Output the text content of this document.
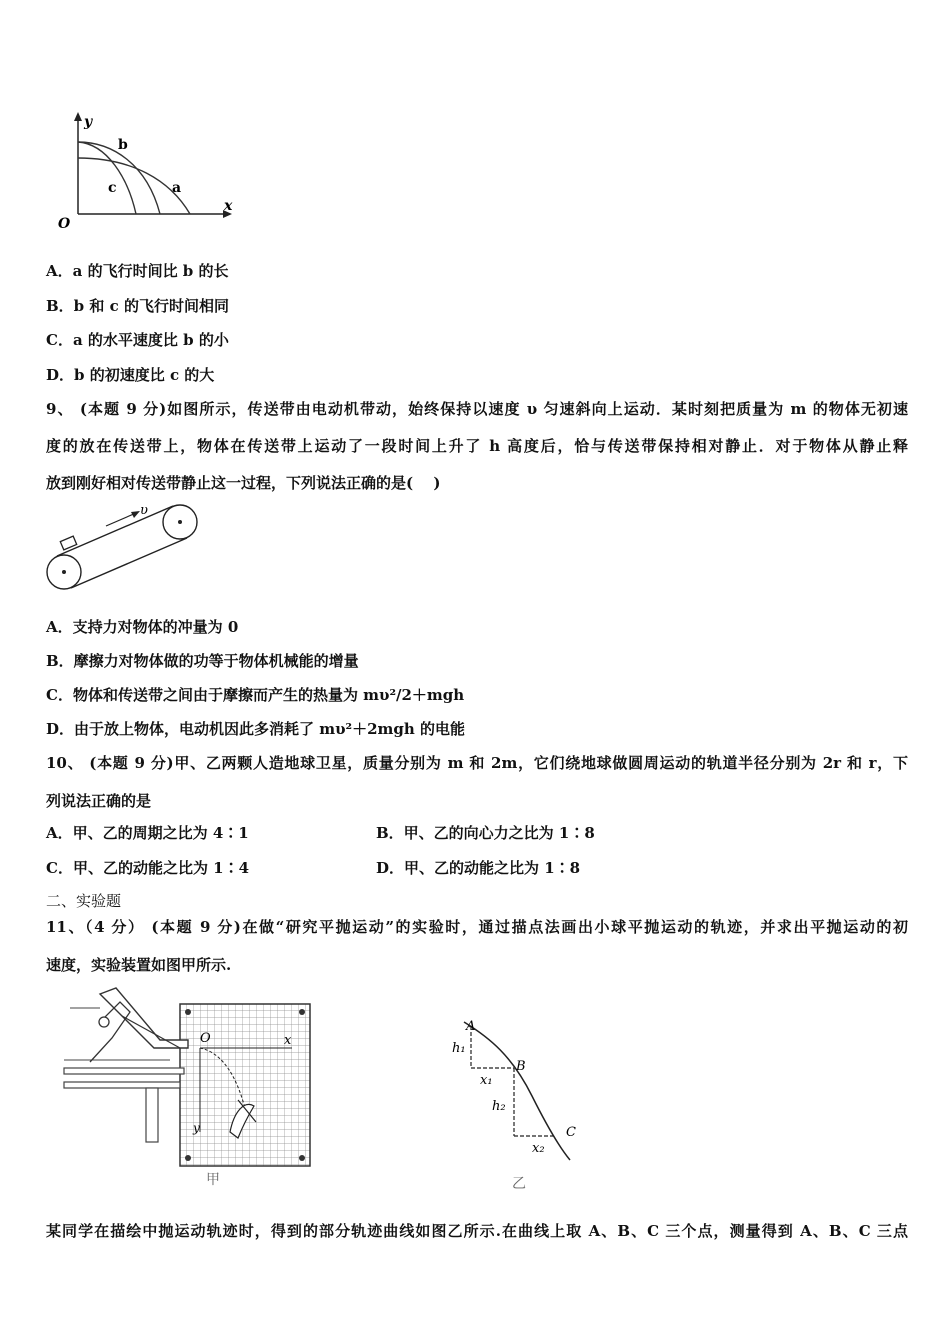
y
x
O
b
c	a
A．a 的飞行时间比 b 的长
B．b 和 c 的飞行时间相同
C．a 的水平速度比 b 的小
D．b 的初速度比 c 的大
9、 (本题 9 分)如图所示，传送带由电动机带动，始终保持以速度 υ 匀速斜向上运动．某时刻把质量为 m 的物体无初速
度的放在传送带上，物体在传送带上运动了一段时间上升了 h 高度后，恰与传送带保持相对静止．对于物体从静止释
放到刚好相对传送带静止这一过程，下列说法正确的是(　 )
υ
A．支持力对物体的冲量为 0
B．摩擦力对物体做的功等于物体机械能的增量
C．物体和传送带之间由于摩擦而产生的热量为 mυ²/2＋mgh
D．由于放上物体，电动机因此多消耗了 mυ²＋2mgh 的电能
10、 (本题 9 分)甲、乙两颗人造地球卫星，质量分别为 m 和 2m，它们绕地球做圆周运动的轨道半径分别为 2r 和 r，下
列说法正确的是
A．甲、乙的周期之比为 4∶1	B．甲、乙的向心力之比为 1∶8
C．甲、乙的动能之比为 1∶4	D．甲、乙的动能之比为 1∶8
二、实验题
11、（4 分） (本题 9 分)在做“研究平抛运动”的实验时，通过描点法画出小球平抛运动的轨迹，并求出平抛运动的初
速度，实验装置如图甲所示.
O	x
y
甲
A
B
C
h₁
h₂
x₁
x₂
乙
某同学在描绘中抛运动轨迹时，得到的部分轨迹曲线如图乙所示.在曲线上取 A、B、C 三个点，测量得到 A、B、C 三点
